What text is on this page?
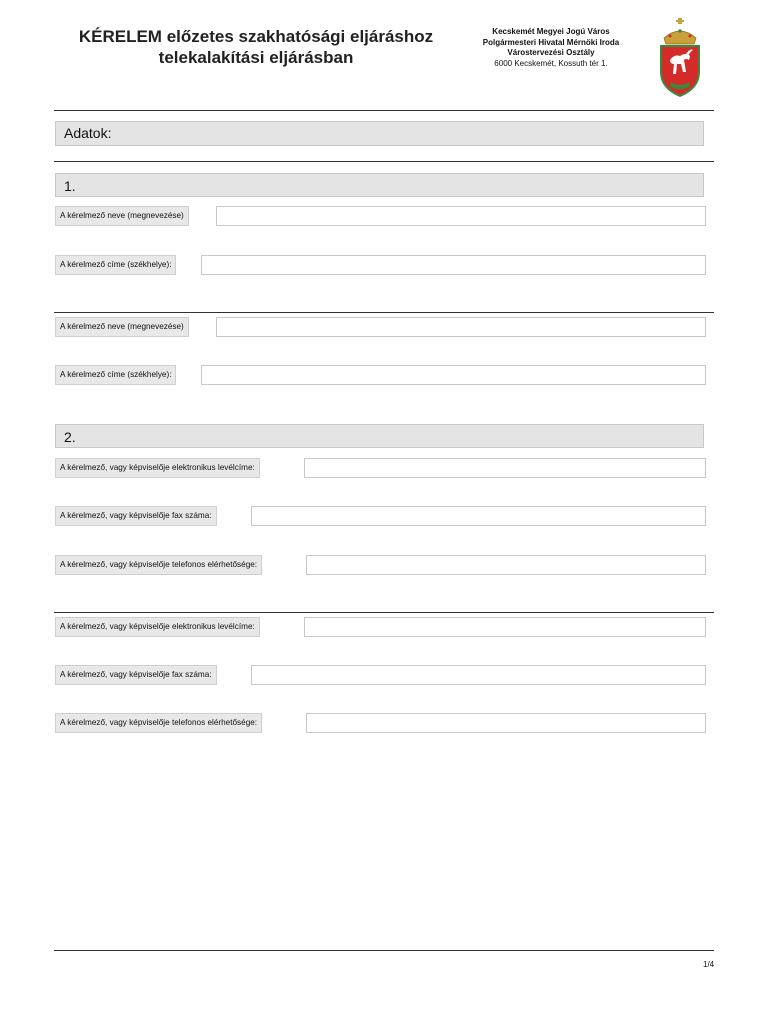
KÉRELEM előzetes szakhatósági eljáráshoz
telekalakítási eljárásban
Kecskemét Megyei Jogú Város
Polgármesteri Hivatal Mérnöki Iroda
Várostervezési Osztály
6000 Kecskemét, Kossuth tér 1.
Adatok:
1.
A kérelmező neve (megnevezése)
A kérelmező címe (székhelye):
A kérelmező neve (megnevezése)
A kérelmező címe (székhelye):
2.
A kérelmező, vagy képviselője elektronikus levélcíme:
A kérelmező, vagy képviselője fax száma:
A kérelmező, vagy képviselője telefonos elérhetősége:
A kérelmező, vagy képviselője elektronikus levélcíme:
A kérelmező, vagy képviselője fax száma:
A kérelmező, vagy képviselője telefonos elérhetősége:
1/4
